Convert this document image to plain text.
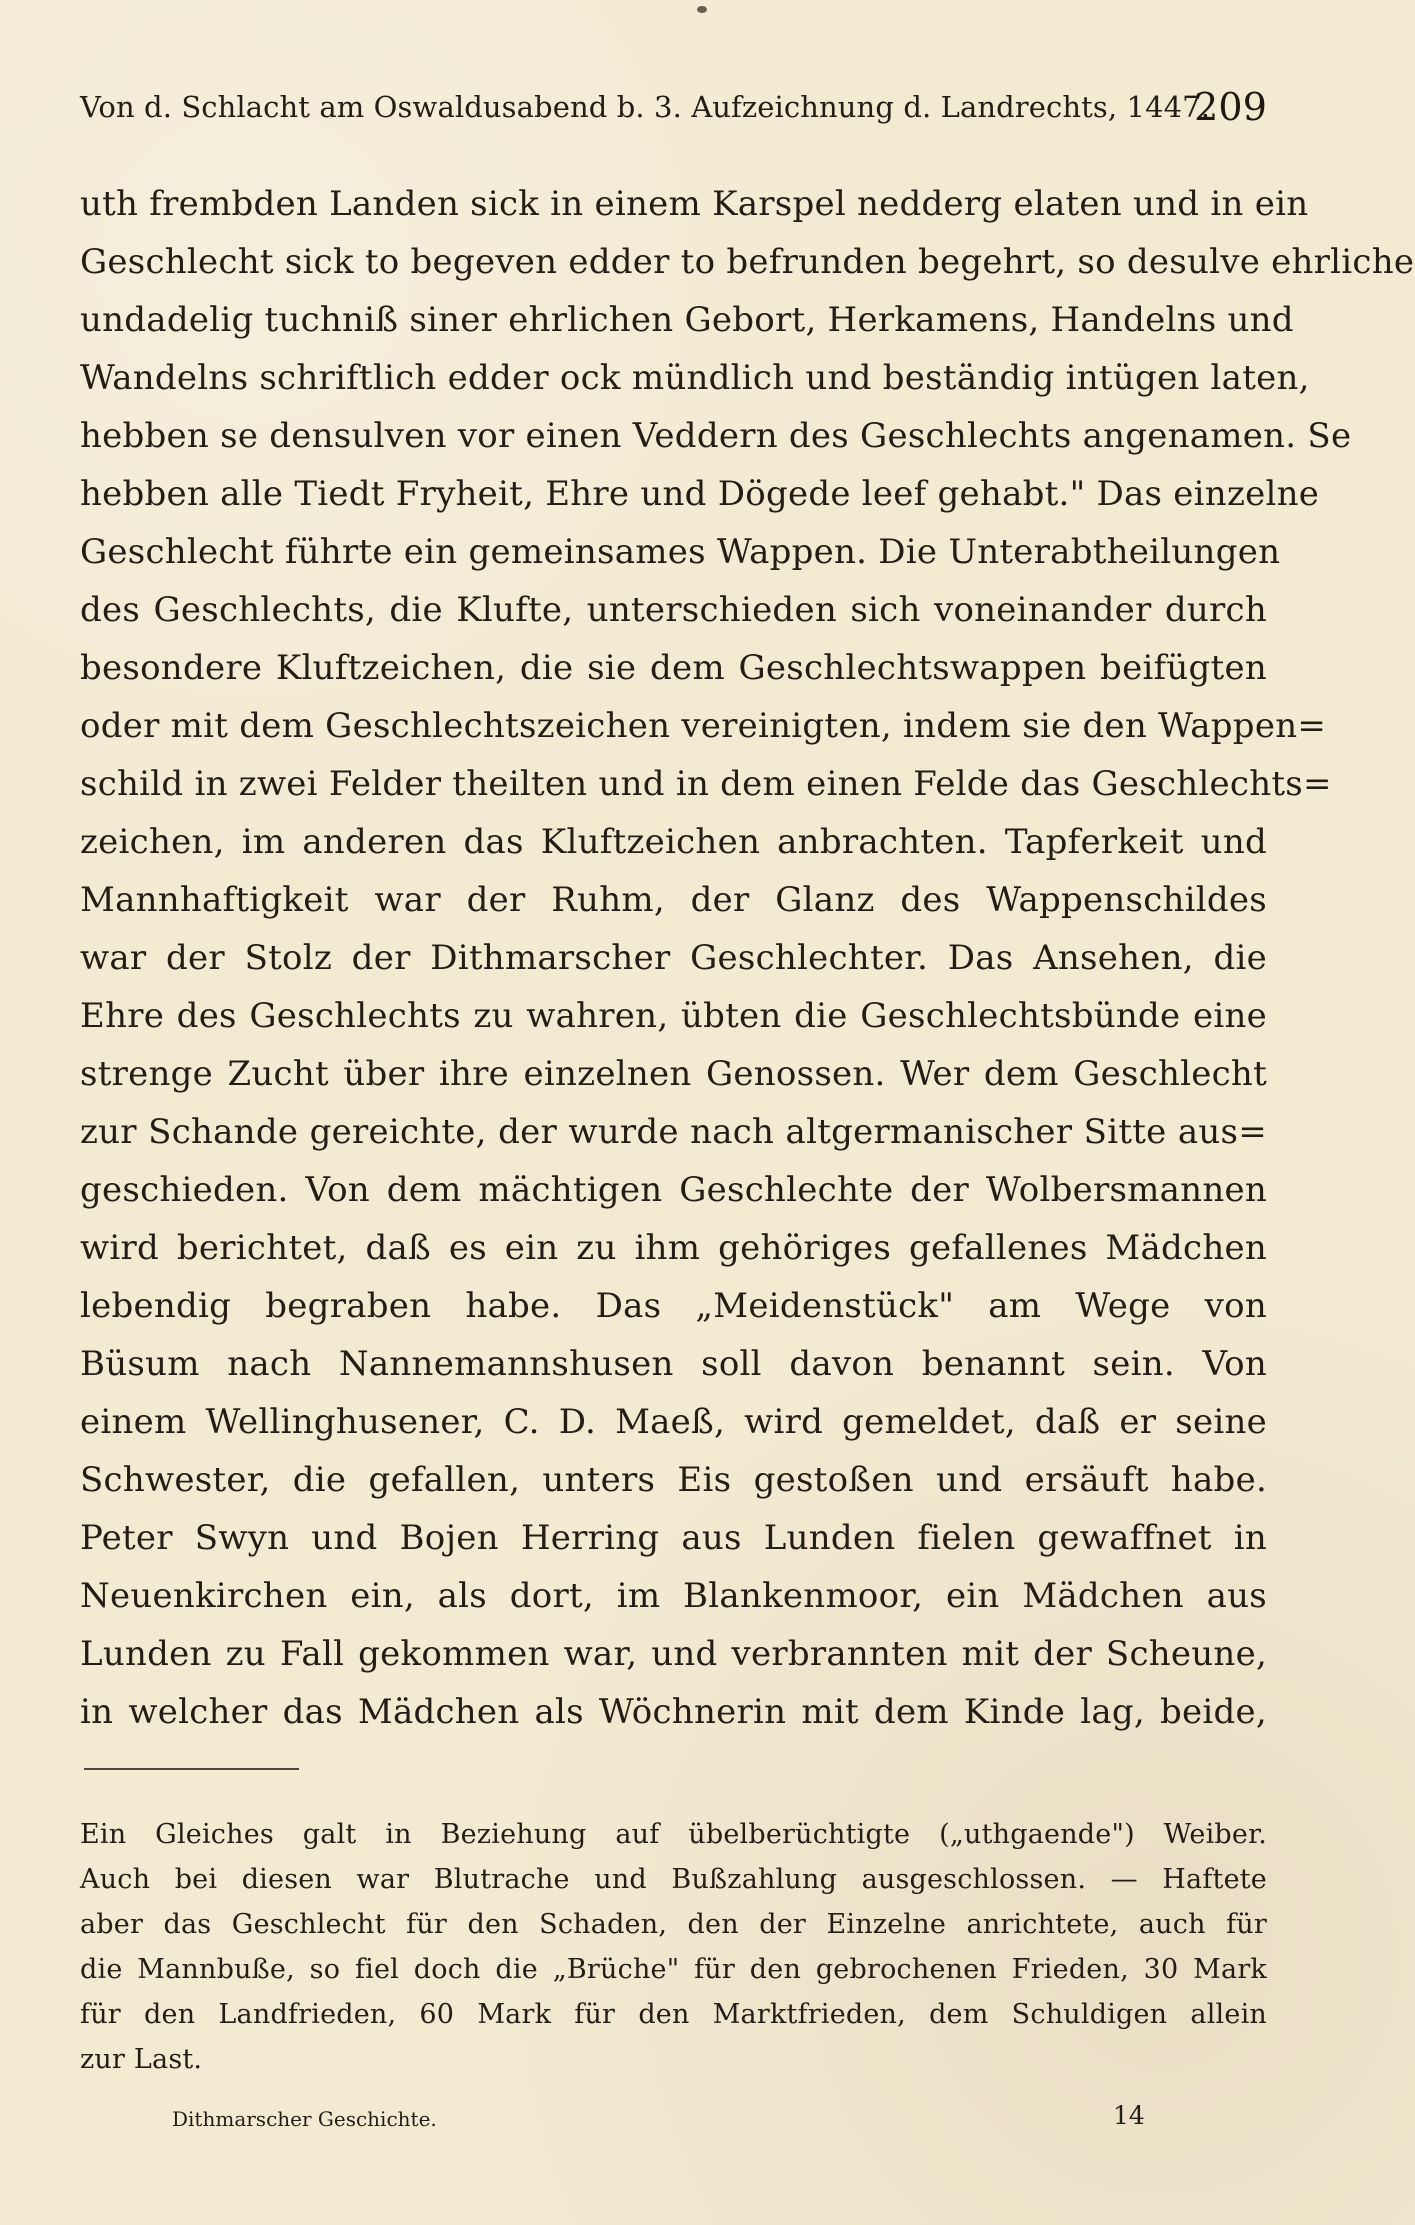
Von d. Schlacht am Oswaldusabend b. 3. Aufzeichnung d. Landrechts, 1447.
209
uth frembden Landen sick in einem Karspel nedderg elaten und in ein
Geschlecht sick to begeven edder to befrunden begehrt, so desulve ehrliche
undadelig tuchniß siner ehrlichen Gebort, Herkamens, Handelns und
Wandelns schriftlich edder ock mündlich und beständig intügen laten,
hebben se densulven vor einen Veddern des Geschlechts angenamen. Se
hebben alle Tiedt Fryheit, Ehre und Dögede leef gehabt." Das einzelne
Geschlecht führte ein gemeinsames Wappen. Die Unterabtheilungen
des Geschlechts, die Klufte, unterschieden sich voneinander durch
besondere Kluftzeichen, die sie dem Geschlechtswappen beifügten
oder mit dem Geschlechtszeichen vereinigten, indem sie den Wappen=
schild in zwei Felder theilten und in dem einen Felde das Geschlechts=
zeichen, im anderen das Kluftzeichen anbrachten. Tapferkeit und
Mannhaftigkeit war der Ruhm, der Glanz des Wappenschildes
war der Stolz der Dithmarscher Geschlechter. Das Ansehen, die
Ehre des Geschlechts zu wahren, übten die Geschlechtsbünde eine
strenge Zucht über ihre einzelnen Genossen. Wer dem Geschlecht
zur Schande gereichte, der wurde nach altgermanischer Sitte aus=
geschieden. Von dem mächtigen Geschlechte der Wolbersmannen
wird berichtet, daß es ein zu ihm gehöriges gefallenes Mädchen
lebendig begraben habe. Das „Meidenstück" am Wege von
Büsum nach Nannemannshusen soll davon benannt sein. Von
einem Wellinghusener, C. D. Maeß, wird gemeldet, daß er seine
Schwester, die gefallen, unters Eis gestoßen und ersäuft habe.
Peter Swyn und Bojen Herring aus Lunden fielen gewaffnet in
Neuenkirchen ein, als dort, im Blankenmoor, ein Mädchen aus
Lunden zu Fall gekommen war, und verbrannten mit der Scheune,
in welcher das Mädchen als Wöchnerin mit dem Kinde lag, beide,
Ein Gleiches galt in Beziehung auf übelberüchtigte („uthgaende") Weiber.
Auch bei diesen war Blutrache und Bußzahlung ausgeschlossen. — Haftete
aber das Geschlecht für den Schaden, den der Einzelne anrichtete, auch für
die Mannbuße, so fiel doch die „Brüche" für den gebrochenen Frieden, 30 Mark
für den Landfrieden, 60 Mark für den Marktfrieden, dem Schuldigen allein
zur Last.
Dithmarscher Geschichte.	14
